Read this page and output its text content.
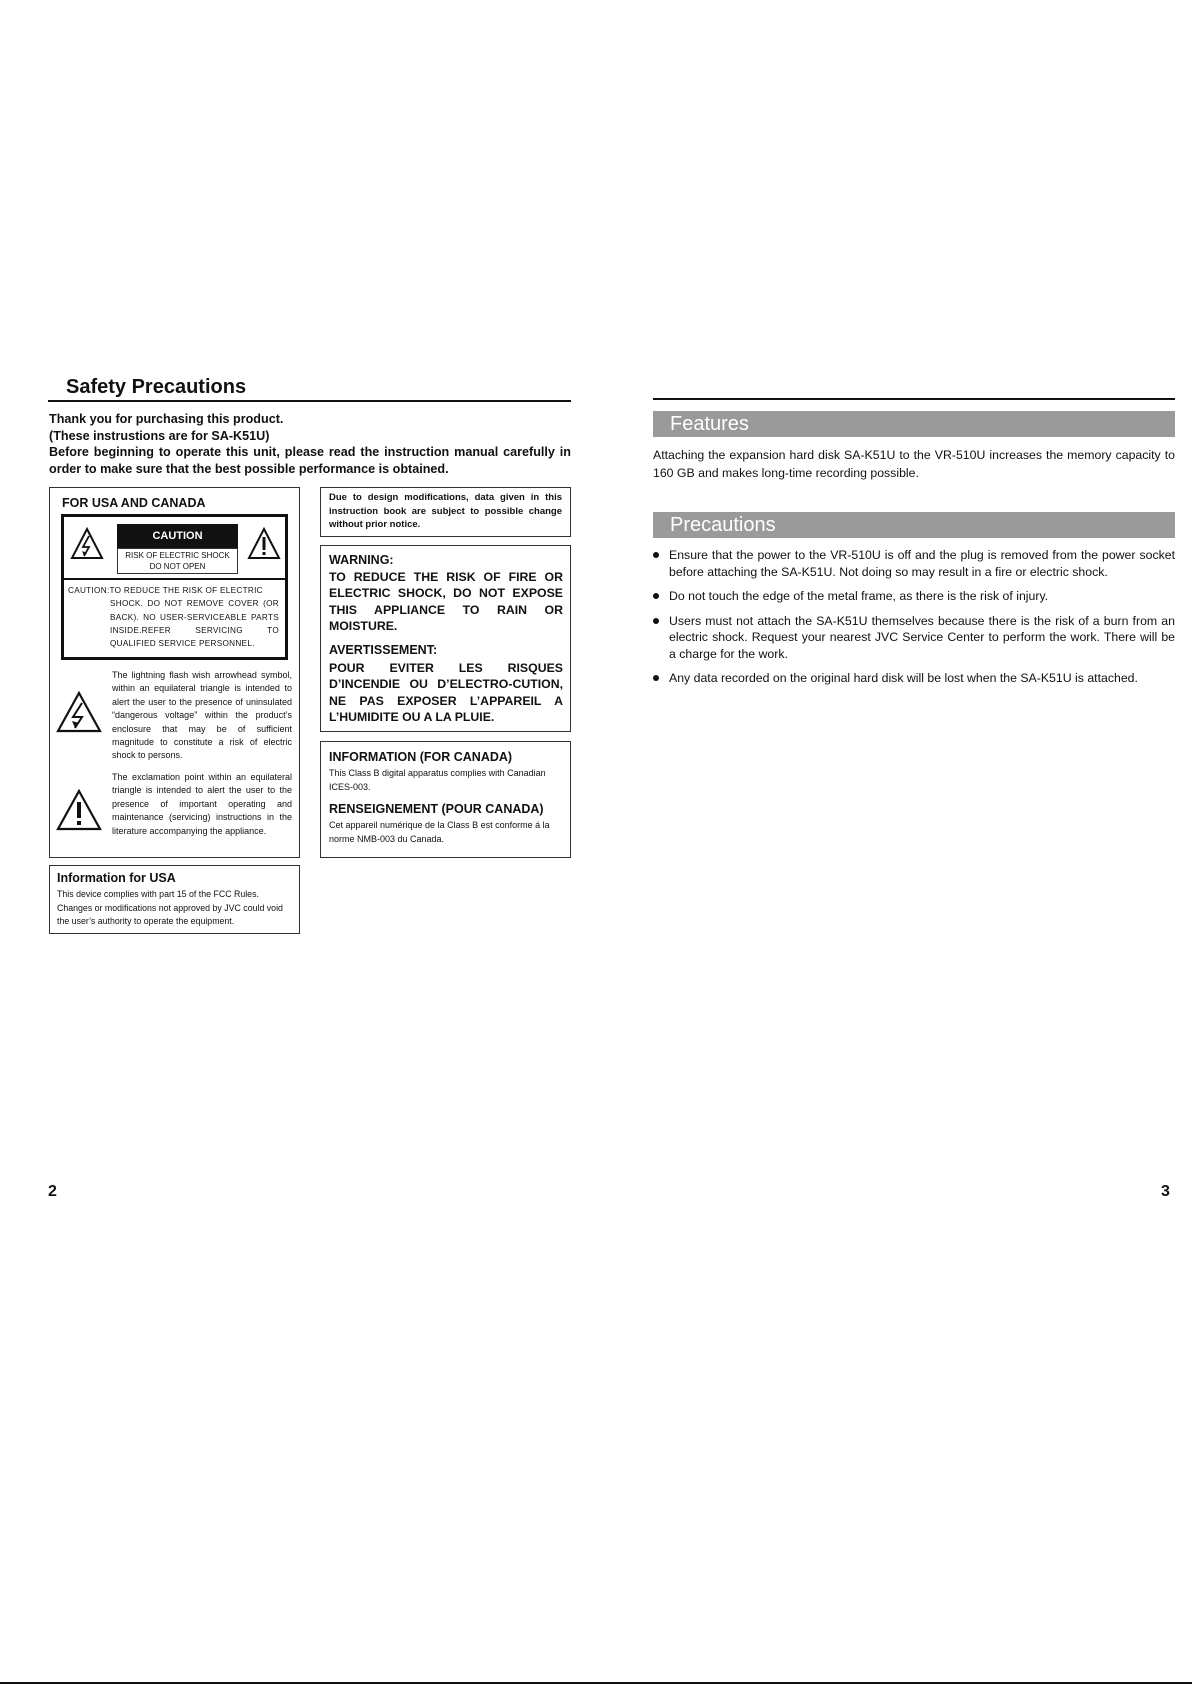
Safety Precautions
Thank you for purchasing this product.
(These instrustions are for SA-K51U)
Before beginning to operate this unit, please read the instruction manual carefully in order to make sure that the best possible performance is obtained.
FOR USA AND CANADA
CAUTION
RISK OF ELECTRIC SHOCK
DO NOT OPEN
CAUTION:TO REDUCE THE RISK OF ELECTRIC
SHOCK. DO NOT REMOVE COVER (OR BACK). NO USER-SERVICEABLE PARTS INSIDE.REFER SERVICING TO QUALIFIED SERVICE PERSONNEL.
The lightning flash wish arrowhead symbol, within an equilateral triangle is intended to alert the user to the presence of uninsulated “dangerous voltage” within the product’s enclosure that may be of sufficient magnitude to constitute a risk of electric shock to persons.
The exclamation point within an equilateral triangle is intended to alert the user to the presence of important operating and maintenance (servicing) instructions in the literature accompanying the appliance.
Information for USA
This device complies with part 15 of the FCC Rules. Changes or modifications not approved by JVC could void the user’s authority to operate the equipment.
Due to design modifications, data given in this instruction book are subject to possible change without prior notice.
WARNING:
TO REDUCE THE RISK OF FIRE OR ELECTRIC SHOCK, DO NOT EXPOSE THIS APPLIANCE TO RAIN OR MOISTURE.
AVERTISSEMENT:
POUR EVITER LES RISQUES D’INCENDIE OU D’ELECTRO-CUTION, NE PAS EXPOSER L’APPAREIL A L’HUMIDITE OU A LA PLUIE.
INFORMATION (FOR CANADA)
This Class B digital apparatus complies with Canadian ICES-003.
RENSEIGNEMENT (POUR CANADA)
Cet appareil numérique de la Class B est conforme á la norme NMB-003 du Canada.
2
Features
Attaching the expansion hard disk SA-K51U to the VR-510U increases the memory capacity to 160 GB and makes long-time recording possible.
Precautions
Ensure that the power to the VR-510U is off and the plug is removed from the power socket before attaching the SA-K51U. Not doing so may result in a fire or electric shock.
Do not touch the edge of the metal frame, as there is the risk of injury.
Users must not attach the SA-K51U themselves because there is the risk of a burn from an electric shock. Request your nearest JVC Service Center to perform the work. There will be a charge for the work.
Any data recorded on the original hard disk will be lost when the SA-K51U is attached.
3
